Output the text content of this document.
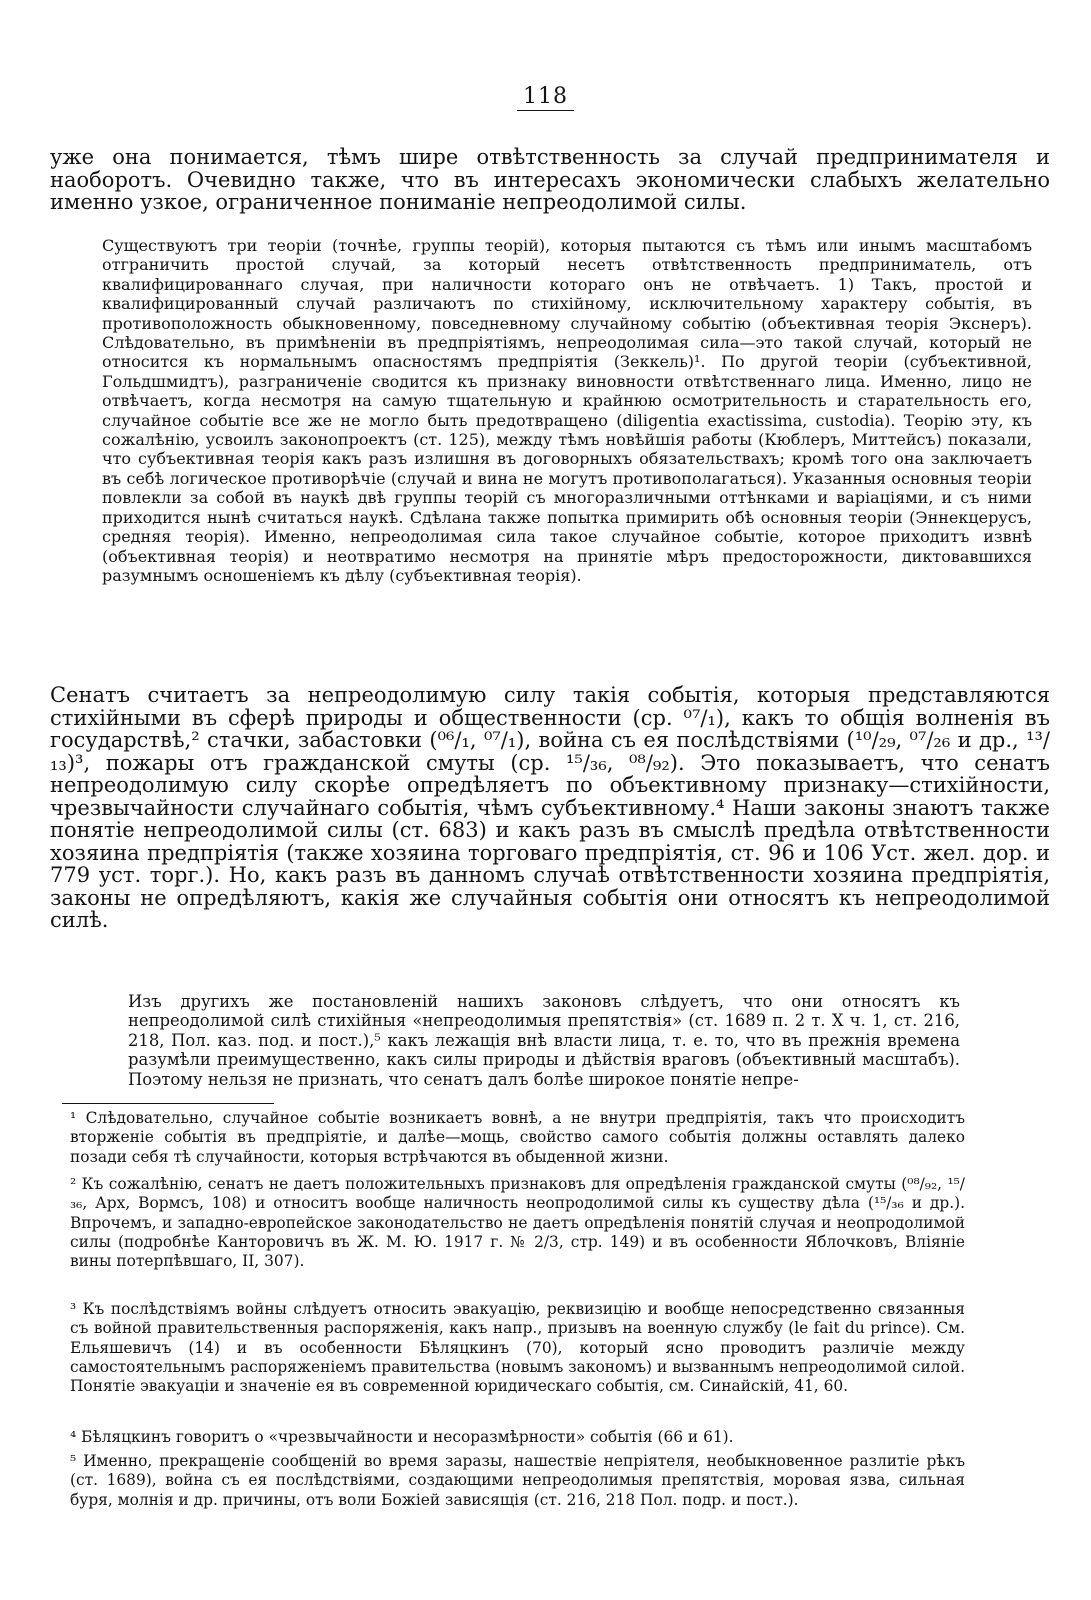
118

уже она понимается, тѣмъ шире отвѣтственность за случай предпринимателя и наоборотъ. Очевидно также, что въ интересахъ экономически слабыхъ желательно именно узкое, ограниченное пониманіе непреодолимой силы.

Существуютъ три теоріи (точнѣе, группы теорій), которыя пытаются съ тѣмъ или инымъ масштабомъ отграничить простой случай, за который несетъ отвѣтственность предприниматель, отъ квалифицированнаго случая, при наличности котораго онъ не отвѣчаетъ. 1) Такъ, простой и квалифицированный случай различаютъ по стихійному, исключительному характеру событія, въ противоположность обыкновенному, повседневному случайному событію (объективная теорія Экснеръ). Слѣдовательно, въ примѣненіи въ предпріятіямъ, непреодолимая сила—это такой случай, который не относится къ нормальнымъ опасностямъ предпріятія (Зеккель)¹. По другой теоріи (субъективной, Гольдшмидтъ), разграниченіе сводится къ признаку виновности отвѣтственнаго лица. Именно, лицо не отвѣчаетъ, когда несмотря на самую тщательную и крайнюю осмотрительность и старательность его, случайное событіе все же не могло быть предотвращено (diligentia exactissima, custodia). Теорію эту, къ сожалѣнію, усвоилъ законопроектъ (ст. 125), между тѣмъ новѣйшія работы (Кюблеръ, Миттейсъ) показали, что субъективная теорія какъ разъ излишня въ договорныхъ обязательствахъ; кромѣ того она заключаетъ въ себѣ логическое противорѣчіе (случай и вина не могутъ противополагаться). Указанныя основныя теоріи повлекли за собой въ наукѣ двѣ группы теорій съ многоразличными оттѣнками и варіаціями, и съ ними приходится нынѣ считаться наукѣ. Сдѣлана также попытка примирить обѣ основныя теоріи (Эннекцерусъ, средняя теорія). Именно, непреодолимая сила такое случайное событіе, которое приходитъ извнѣ (объективная теорія) и неотвратимо несмотря на принятіе мѣръ предосторожности, диктовавшихся разумнымъ осношеніемъ къ дѣлу (субъективная теорія).

Сенатъ считаетъ за непреодолимую силу такія событія, которыя представляются стихійными въ сферѣ природы и общественности (ср. ⁰⁷/₁), какъ то общія волненія въ государствѣ,² стачки, забастовки (⁰⁶/₁, ⁰⁷/₁), война съ ея послѣдствіями (¹⁰/₂₉, ⁰⁷/₂₆ и др., ¹³/₁₃)³, пожары отъ гражданской смуты (ср. ¹⁵/₃₆, ⁰⁸/₉₂). Это показываетъ, что сенатъ непреодолимую силу скорѣе опредѣляетъ по объективному признаку—стихійности, чрезвычайности случайнаго событія, чѣмъ субъективному.⁴ Наши законы знаютъ также понятіе непреодолимой силы (ст. 683) и какъ разъ въ смыслѣ предѣла отвѣтственности хозяина предпріятія (также хозяина торговаго предпріятія, ст. 96 и 106 Уст. жел. дор. и 779 уст. торг.). Но, какъ разъ въ данномъ случаѣ отвѣтственности хозяина предпріятія, законы не опредѣляютъ, какія же случайныя событія они относятъ къ непреодолимой силѣ.

Изъ другихъ же постановленій нашихъ законовъ слѣдуетъ, что они относятъ къ непреодолимой силѣ стихійныя «непреодолимыя препятствія» (ст. 1689 п. 2 т. X ч. 1, ст. 216, 218, Пол. каз. под. и пост.),⁵ какъ лежащія внѣ власти лица, т. е. то, что въ прежнія времена разумѣли преимущественно, какъ силы природы и дѣйствія враговъ (объективный масштабъ). Поэтому нельзя не признать, что сенатъ далъ болѣе широкое понятіе непре-

¹ Слѣдовательно, случайное событіе возникаетъ вовнѣ, а не внутри предпріятія, такъ что происходитъ вторженіе событія въ предпріятіе, и далѣе—мощь, свойство самого событія должны оставлять далеко позади себя тѣ случайности, которыя встрѣчаются въ обыденной жизни.

² Къ сожалѣнію, сенатъ не даетъ положительныхъ признаковъ для опредѣленія гражданской смуты (⁰⁸/₉₂, ¹⁵/₃₆, Арх, Вормсъ, 108) и относитъ вообще наличность неопродолимой силы къ существу дѣла (¹⁵/₃₆ и др.). Впрочемъ, и западно-европейское законодательство не даетъ опредѣленія понятій случая и неопродолимой силы (подробнѣе Канторовичъ въ Ж. М. Ю. 1917 г. № 2/3, стр. 149) и въ особенности Яблочковъ, Вліяніе вины потерпѣвшаго, II, 307).

³ Къ послѣдствіямъ войны слѣдуетъ относить эвакуацію, реквизицію и вообще непосредственно связанныя съ войной правительственныя распоряженія, какъ напр., призывъ на военную службу (le fait du prince). См. Ельяшевичъ (14) и въ особенности Бѣляцкинъ (70), который ясно проводитъ различіе между самостоятельнымъ распоряженіемъ правительства (новымъ закономъ) и вызваннымъ непреодолимой силой. Понятіе эвакуаціи и значеніе ея въ современной юридическаго событія, см. Синайскій, 41, 60.

⁴ Бѣляцкинъ говоритъ о «чрезвычайности и несоразмѣрности» событія (66 и 61).

⁵ Именно, прекращеніе сообщеній во время заразы, нашествіе непріятеля, необыкновенное разлитіе рѣкъ (ст. 1689), война съ ея послѣдствіями, создающими непреодолимыя препятствія, моровая язва, сильная буря, молнія и др. причины, отъ воли Божіей зависящія (ст. 216, 218 Пол. подр. и пост.).
